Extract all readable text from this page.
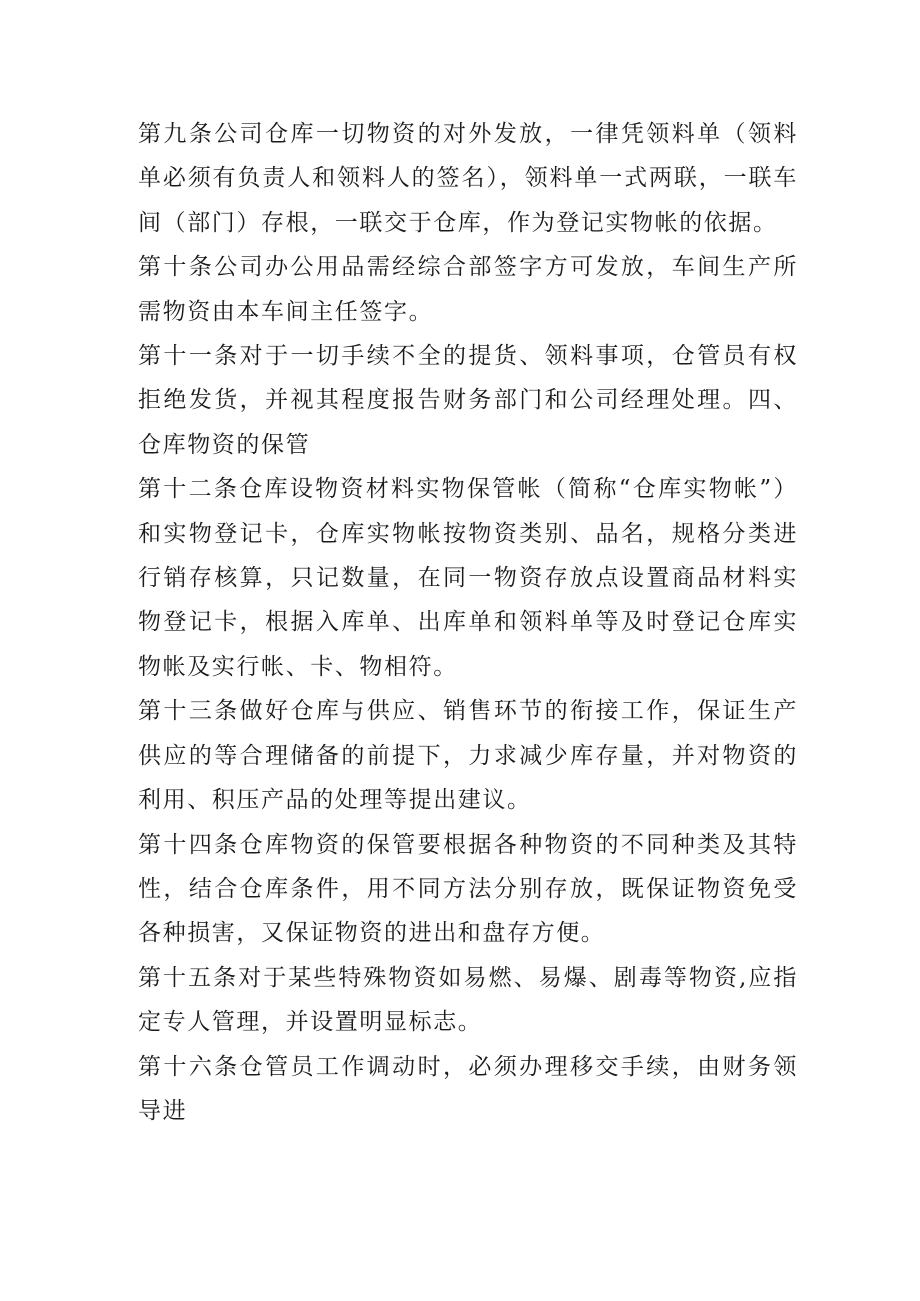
第九条公司仓库一切物资的对外发放，一律凭领料单（领料单必须有负责人和领料人的签名），领料单一式两联，一联车间（部门）存根，一联交于仓库，作为登记实物帐的依据。

第十条公司办公用品需经综合部签字方可发放，车间生产所需物资由本车间主任签字。

第十一条对于一切手续不全的提货、领料事项，仓管员有权拒绝发货，并视其程度报告财务部门和公司经理处理。四、仓库物资的保管

第十二条仓库设物资材料实物保管帐（简称“仓库实物帐”）和实物登记卡，仓库实物帐按物资类别、品名，规格分类进行销存核算，只记数量，在同一物资存放点设置商品材料实物登记卡，根据入库单、出库单和领料单等及时登记仓库实物帐及实行帐、卡、物相符。

第十三条做好仓库与供应、销售环节的衔接工作，保证生产供应的等合理储备的前提下，力求减少库存量，并对物资的利用、积压产品的处理等提出建议。

第十四条仓库物资的保管要根据各种物资的不同种类及其特性，结合仓库条件，用不同方法分别存放，既保证物资免受各种损害，又保证物资的进出和盘存方便。

第十五条对于某些特殊物资如易燃、易爆、剧毒等物资,应指定专人管理，并设置明显标志。

第十六条仓管员工作调动时，必须办理移交手续，由财务领导进
